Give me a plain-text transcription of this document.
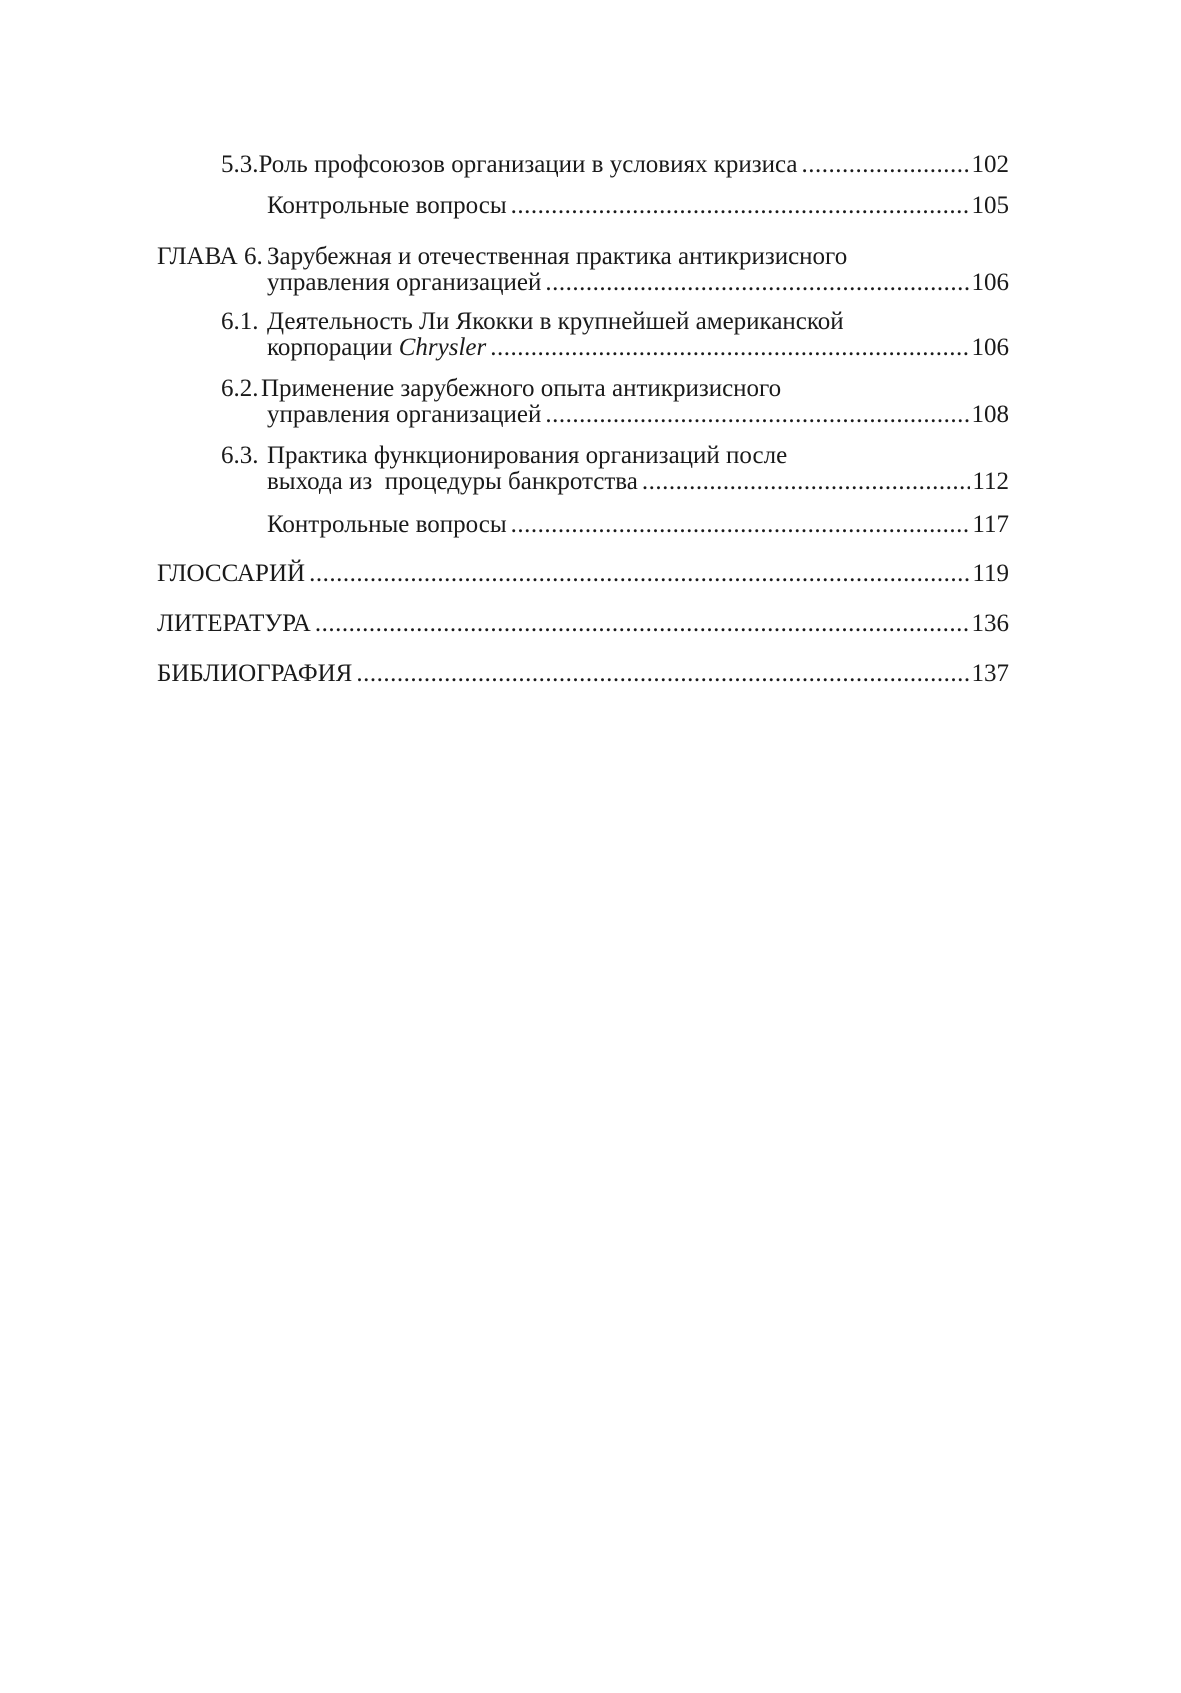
5.3. Роль профсоюзов организации в условиях кризиса .....	102
Контрольные вопросы .....	105
ГЛАВА 6. Зарубежная и отечественная практика антикризисного
управления организацией .....	106
6.1. Деятельность Ли Якокки в крупнейшей американской
корпорации Chrysler .....	106
6.2. Применение зарубежного опыта антикризисного
управления организацией .....	108
6.3. Практика функционирования организаций после
выхода из  процедуры банкротства .....	112
Контрольные вопросы .....	117
ГЛОССАРИЙ .....	119
ЛИТЕРАТУРА .....	136
БИБЛИОГРАФИЯ .....	137
